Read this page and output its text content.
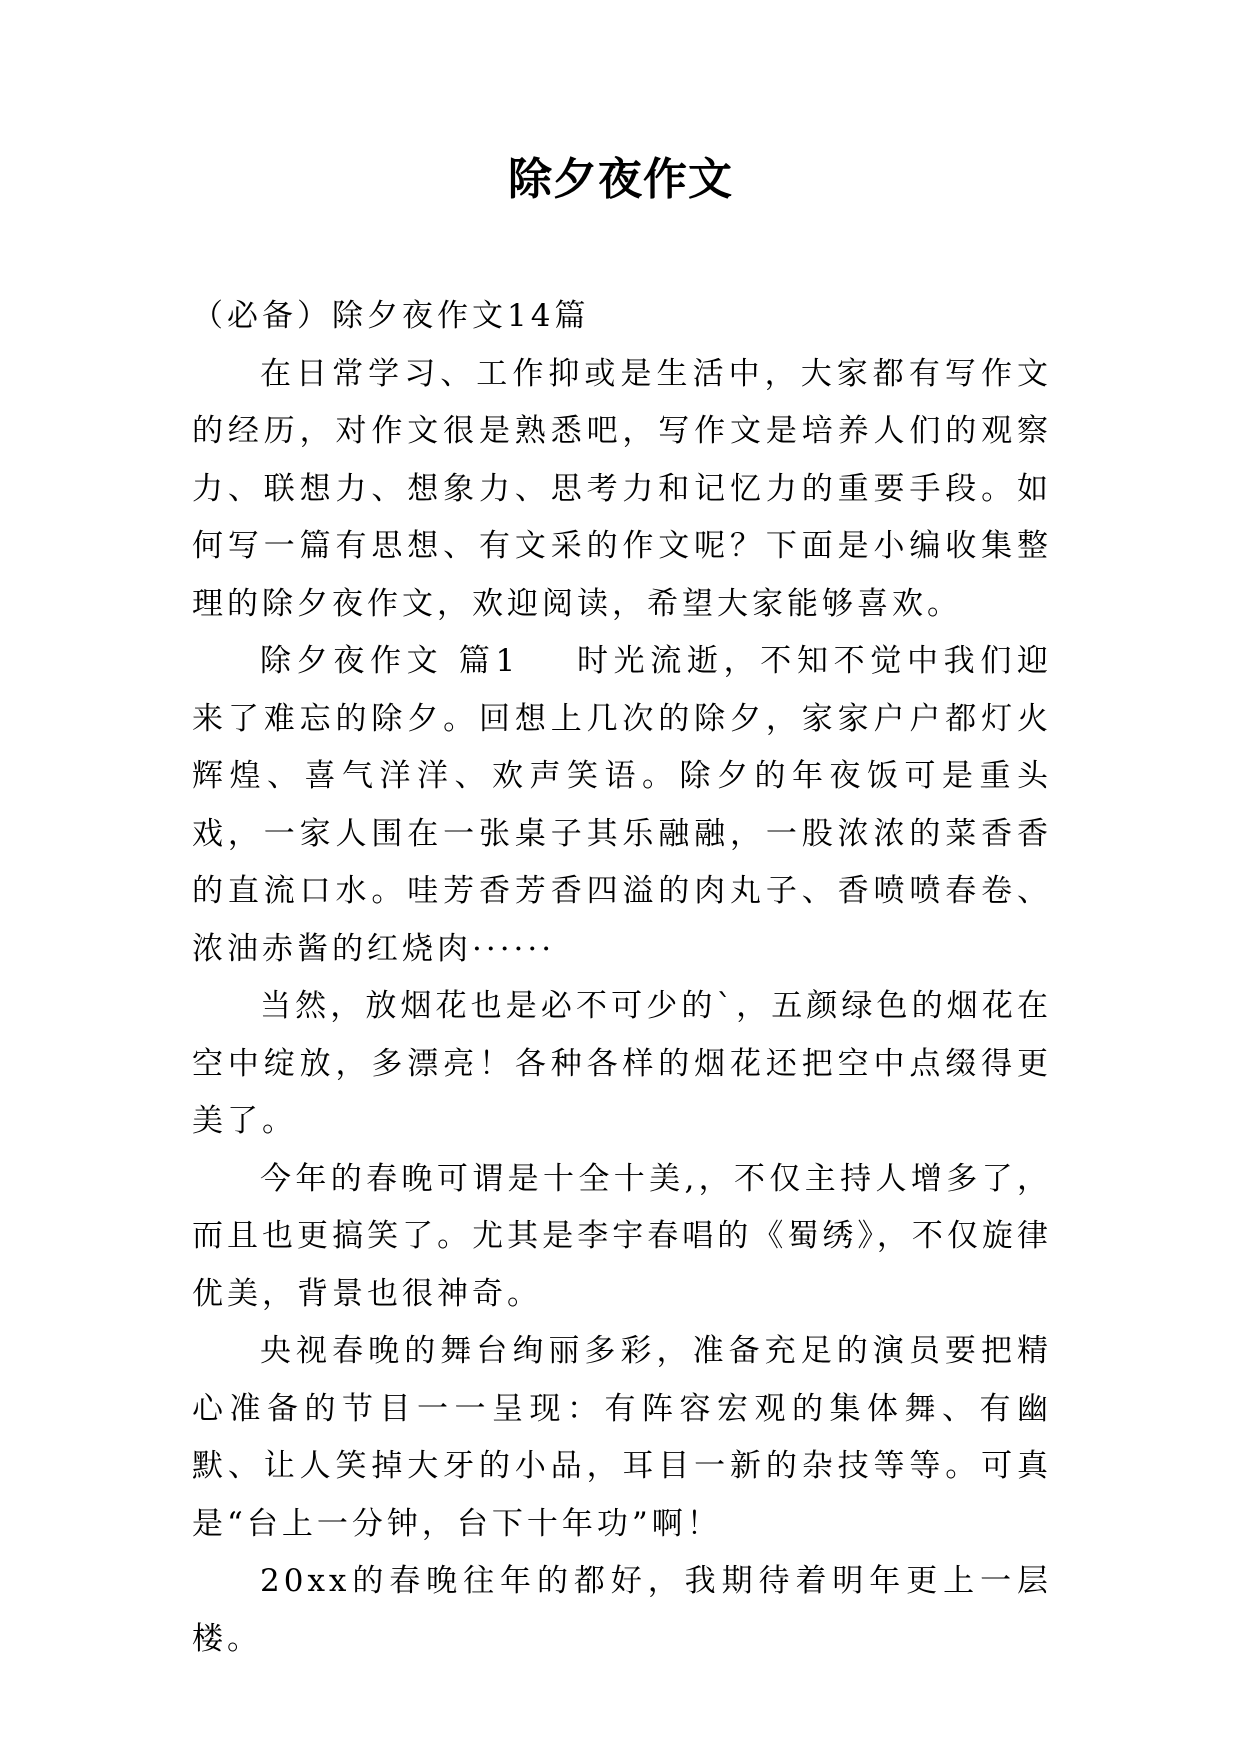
除夕夜作文

（必备）除夕夜作文14篇

在日常学习、工作抑或是生活中，大家都有写作文的经历，对作文很是熟悉吧，写作文是培养人们的观察力、联想力、想象力、思考力和记忆力的重要手段。如何写一篇有思想、有文采的作文呢？下面是小编收集整理的除夕夜作文，欢迎阅读，希望大家能够喜欢。

除夕夜作文 篇1 时光流逝，不知不觉中我们迎来了难忘的除夕。回想上几次的除夕，家家户户都灯火辉煌、喜气洋洋、欢声笑语。除夕的年夜饭可是重头戏，一家人围在一张桌子其乐融融，一股浓浓的菜香香的直流口水。哇芳香芳香四溢的肉丸子、香喷喷春卷、浓油赤酱的红烧肉······

当然，放烟花也是必不可少的`，五颜绿色的烟花在空中绽放，多漂亮！各种各样的烟花还把空中点缀得更美了。

今年的春晚可谓是十全十美,，不仅主持人增多了，而且也更搞笑了。尤其是李宇春唱的《蜀绣》，不仅旋律优美，背景也很神奇。

央视春晚的舞台绚丽多彩，准备充足的演员要把精心准备的节目一一呈现：有阵容宏观的集体舞、有幽默、让人笑掉大牙的小品，耳目一新的杂技等等。可真是“台上一分钟，台下十年功”啊！

20xx的春晚往年的都好，我期待着明年更上一层楼。
